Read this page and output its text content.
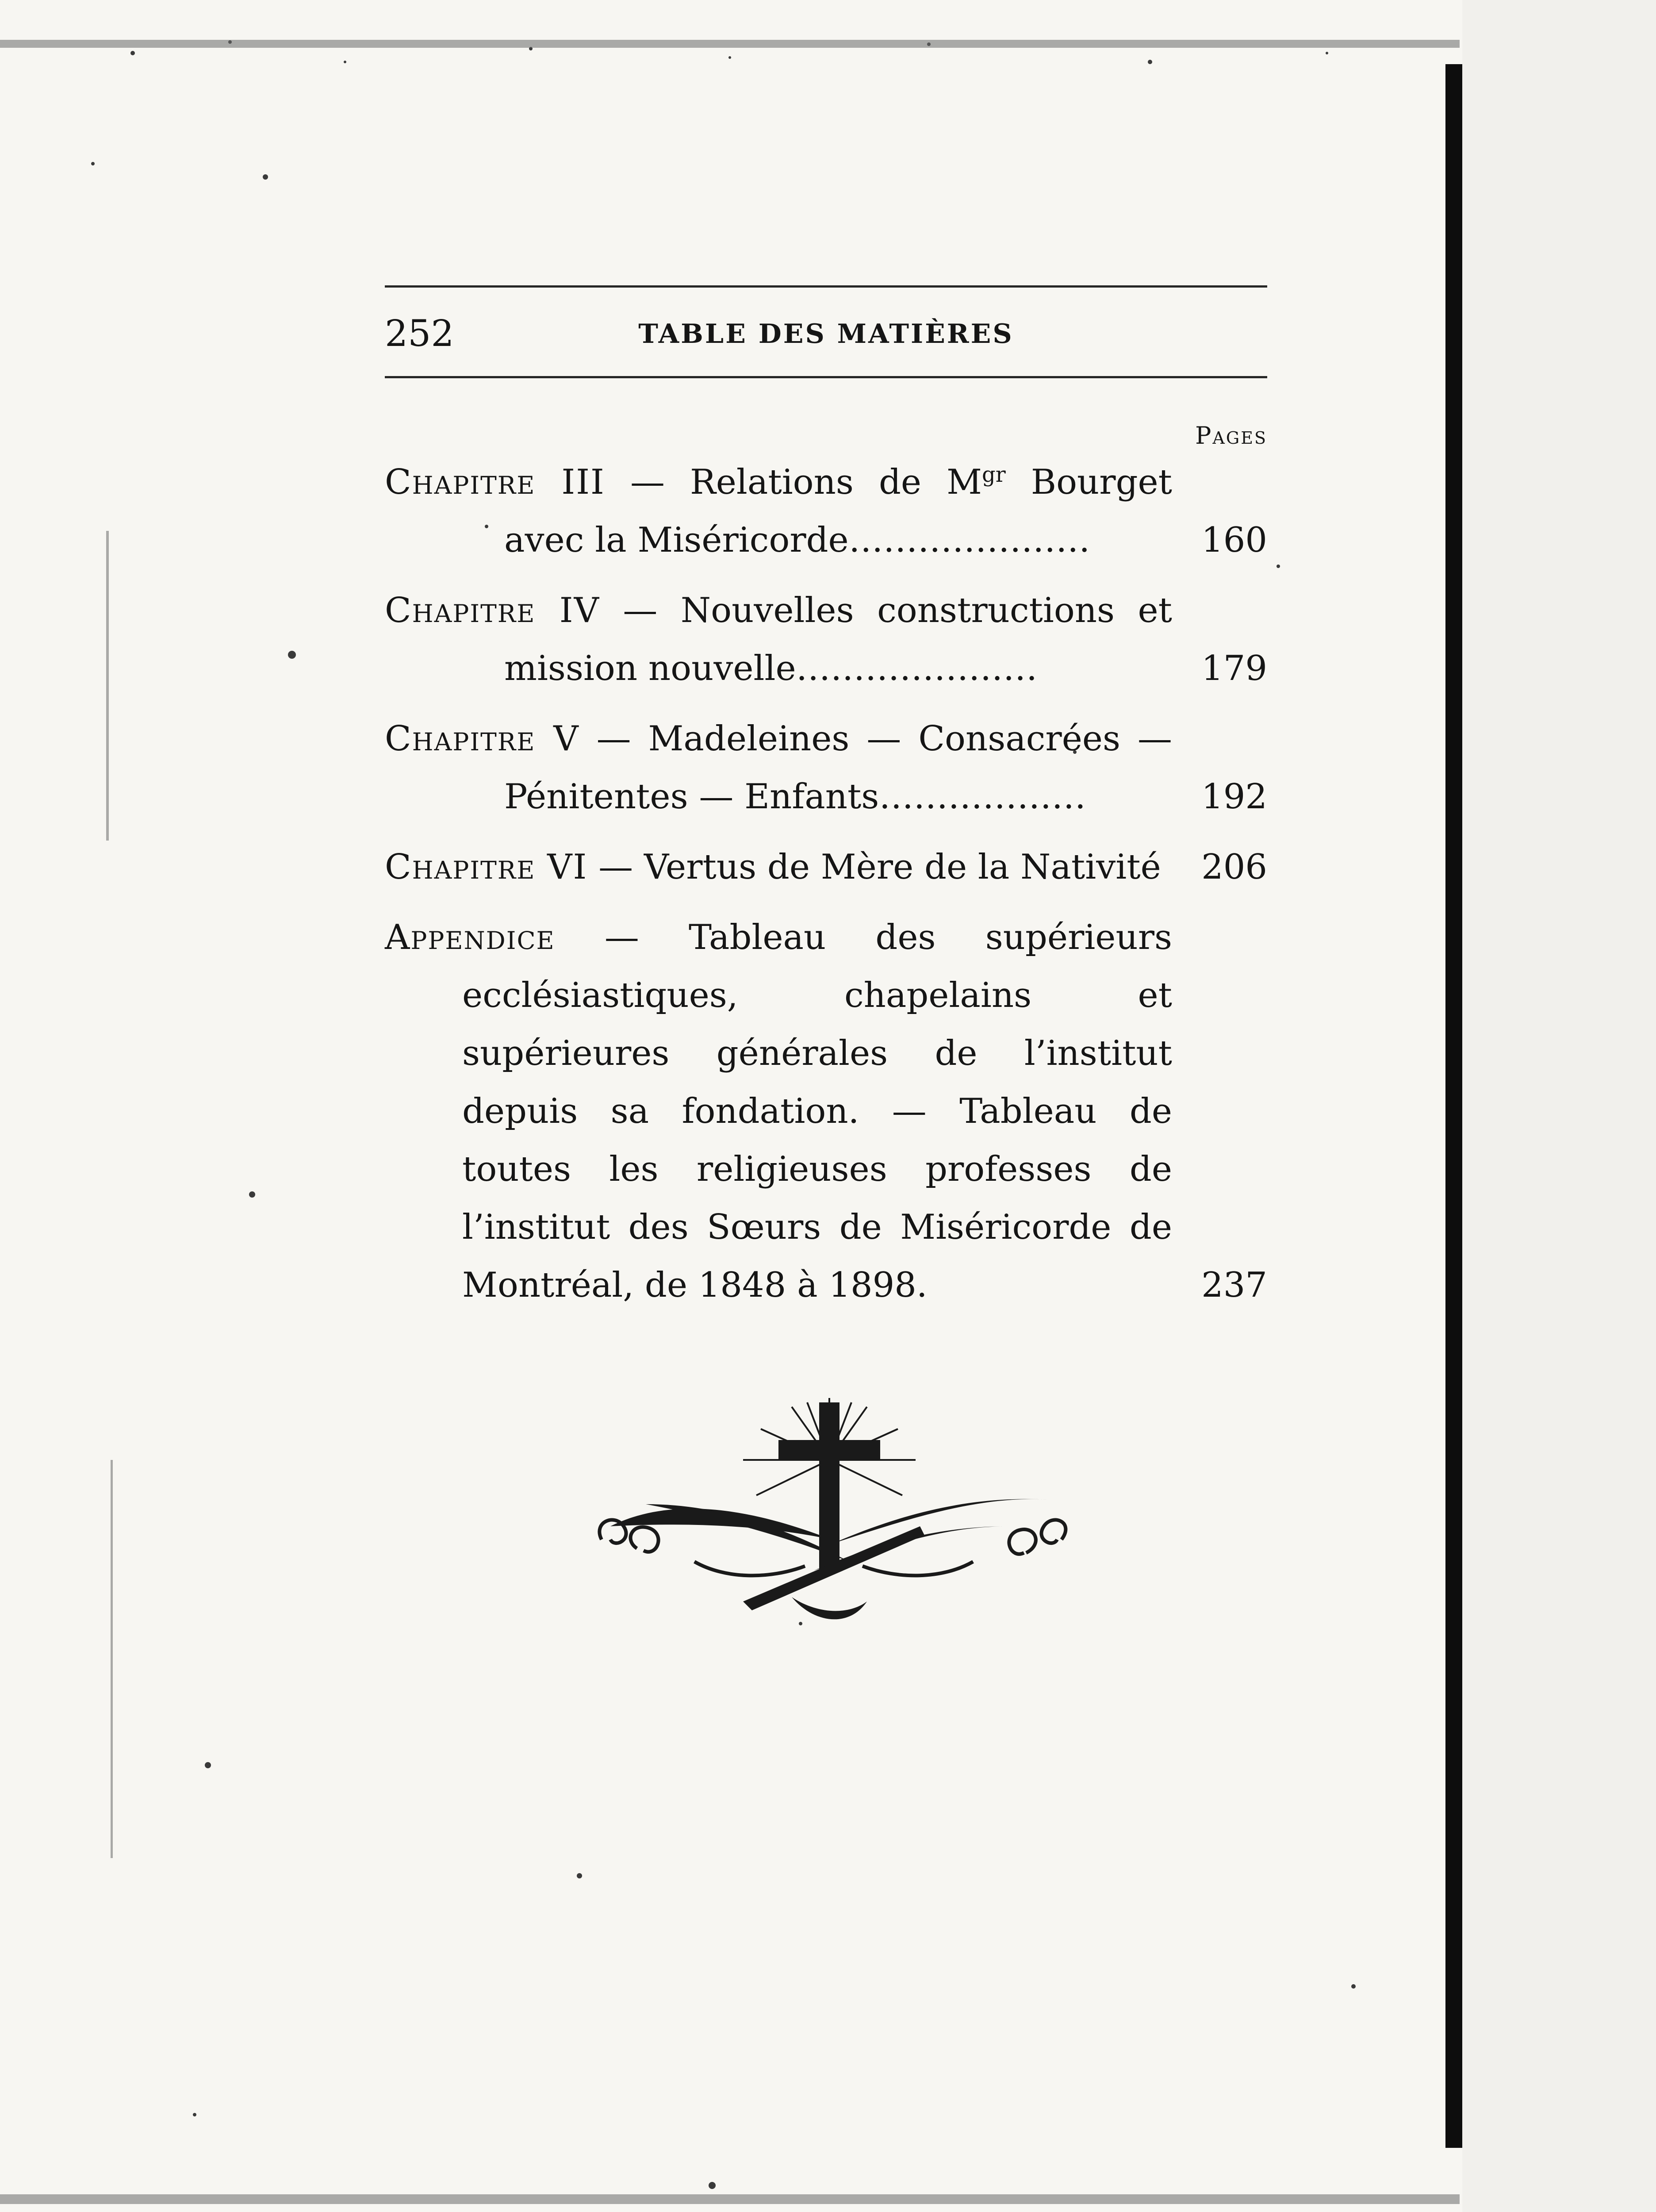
252	TABLE DES MATIÈRES
Pages
Chapitre III — Relations de $M^{gr}$ Bourget avec la Miséricorde…………………	160
Chapitre IV — Nouvelles constructions et mission nouvelle…………………	179
Chapitre V — Madeleines — Consacrées — Pénitentes — Enfants………………	192
Chapitre VI — Vertus de Mère de la Nativité	206
Appendice — Tableau des supérieurs ecclésiastiques, chapelains et supérieures générales de l’institut depuis sa fondation. — Tableau de toutes les religieuses professes de l’institut des Sœurs de Miséricorde de Montréal, de 1848 à 1898.	237
